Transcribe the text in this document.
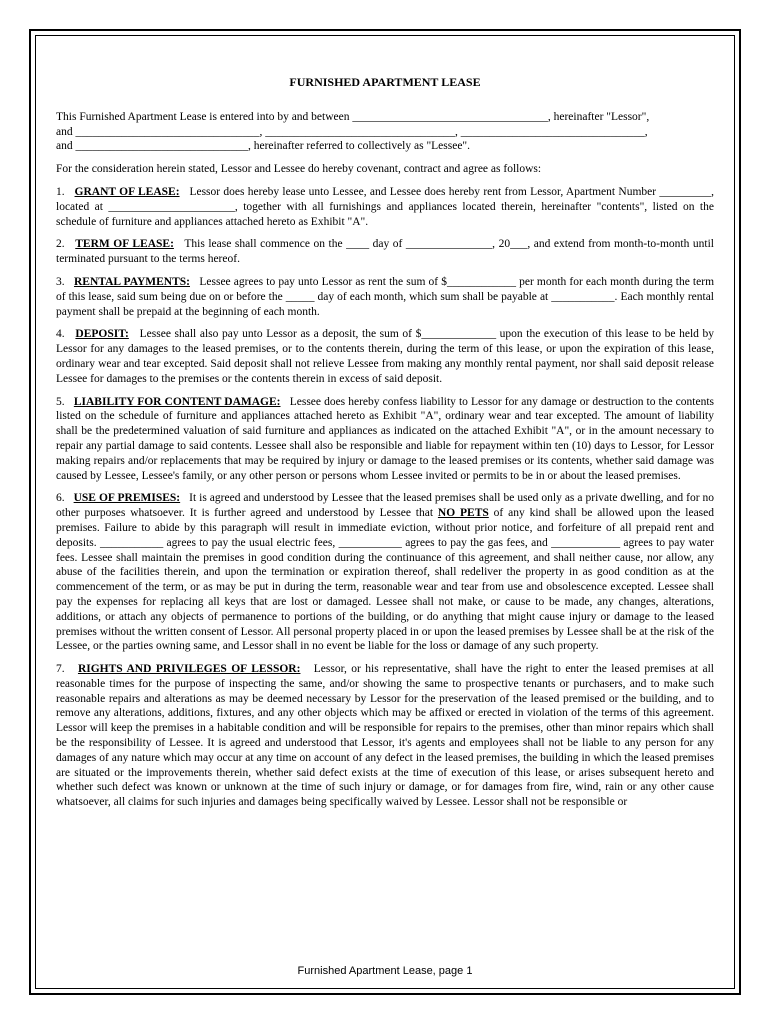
FURNISHED APARTMENT LEASE

This Furnished Apartment Lease is entered into by and between __________________________________, hereinafter "Lessor",
and ________________________________, _________________________________, ________________________________,
and ______________________________, hereinafter referred to collectively as "Lessee".

For the consideration herein stated, Lessor and Lessee do hereby covenant, contract and agree as follows:

1. GRANT OF LEASE: Lessor does hereby lease unto Lessee, and Lessee does hereby rent from Lessor, Apartment Number _________, located at ______________________, together with all furnishings and appliances located therein, hereinafter "contents", listed on the schedule of furniture and appliances attached hereto as Exhibit "A".

2. TERM OF LEASE: This lease shall commence on the ____ day of _______________, 20___, and extend from month-to-month until terminated pursuant to the terms hereof.

3. RENTAL PAYMENTS: Lessee agrees to pay unto Lessor as rent the sum of $____________ per month for each month during the term of this lease, said sum being due on or before the _____ day of each month, which sum shall be payable at ___________. Each monthly rental payment shall be prepaid at the beginning of each month.

4. DEPOSIT: Lessee shall also pay unto Lessor as a deposit, the sum of $_____________ upon the execution of this lease to be held by Lessor for any damages to the leased premises, or to the contents therein, during the term of this lease, or upon the expiration of this lease, ordinary wear and tear excepted. Said deposit shall not relieve Lessee from making any monthly rental payment, nor shall said deposit release Lessee for damages to the premises or the contents therein in excess of said deposit.

5. LIABILITY FOR CONTENT DAMAGE: Lessee does hereby confess liability to Lessor for any damage or destruction to the contents listed on the schedule of furniture and appliances attached hereto as Exhibit "A", ordinary wear and tear excepted. The amount of liability shall be the predetermined valuation of said furniture and appliances as indicated on the attached Exhibit "A", or in the amount necessary to repair any partial damage to said contents. Lessee shall also be responsible and liable for repayment within ten (10) days to Lessor, for Lessor making repairs and/or replacements that may be required by injury or damage to the leased premises or its contents, whether said damage was caused by Lessee, Lessee's family, or any other person or persons whom Lessee invited or permits to be in or about the leased premises.

6. USE OF PREMISES: It is agreed and understood by Lessee that the leased premises shall be used only as a private dwelling, and for no other purposes whatsoever. It is further agreed and understood by Lessee that NO PETS of any kind shall be allowed upon the leased premises. Failure to abide by this paragraph will result in immediate eviction, without prior notice, and forfeiture of all prepaid rent and deposits. ___________ agrees to pay the usual electric fees, ___________ agrees to pay the gas fees, and ____________ agrees to pay water fees. Lessee shall maintain the premises in good condition during the continuance of this agreement, and shall neither cause, nor allow, any abuse of the facilities therein, and upon the termination or expiration thereof, shall redeliver the property in as good condition as at the commencement of the term, or as may be put in during the term, reasonable wear and tear from use and obsolescence excepted. Lessee shall pay the expenses for replacing all keys that are lost or damaged. Lessee shall not make, or cause to be made, any changes, alterations, additions, or attach any objects of permanence to portions of the building, or do anything that might cause injury or damage to the leased premises without the written consent of Lessor. All personal property placed in or upon the leased premises by Lessee shall be at the risk of the Lessee, or the parties owning same, and Lessor shall in no event be liable for the loss or damage of any such property.

7. RIGHTS AND PRIVILEGES OF LESSOR: Lessor, or his representative, shall have the right to enter the leased premises at all reasonable times for the purpose of inspecting the same, and/or showing the same to prospective tenants or purchasers, and to make such reasonable repairs and alterations as may be deemed necessary by Lessor for the preservation of the leased premised or the building, and to remove any alterations, additions, fixtures, and any other objects which may be affixed or erected in violation of the terms of this agreement. Lessor will keep the premises in a habitable condition and will be responsible for repairs to the premises, other than minor repairs which shall be the responsibility of Lessee. It is agreed and understood that Lessor, it's agents and employees shall not be liable to any person for any damages of any nature which may occur at any time on account of any defect in the leased premises, the building in which the leased premises are situated or the improvements therein, whether said defect exists at the time of execution of this lease, or arises subsequent hereto and whether such defect was known or unknown at the time of such injury or damage, or for damages from fire, wind, rain or any other cause whatsoever, all claims for such injuries and damages being specifically waived by Lessee. Lessor shall not be responsible or

Furnished Apartment Lease, page 1
